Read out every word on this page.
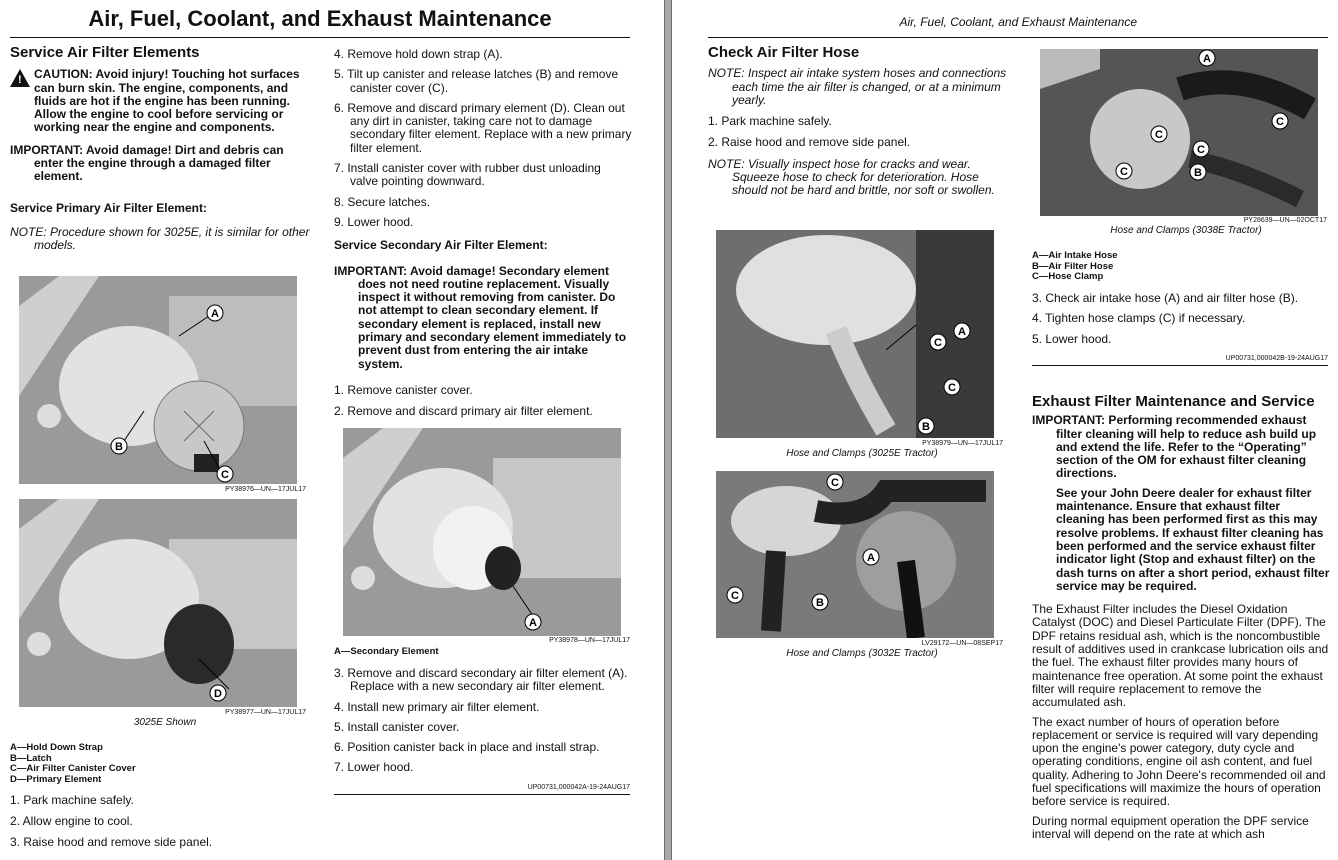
Air, Fuel, Coolant, and Exhaust Maintenance
Service Air Filter Elements
! CAUTION: Avoid injury! Touching hot surfaces can burn skin. The engine, components, and fluids are hot if the engine has been running. Allow the engine to cool before servicing or working near the engine and components.
IMPORTANT: Avoid damage! Dirt and debris can enter the engine through a damaged filter element.
Service Primary Air Filter Element:
NOTE: Procedure shown for 3025E, it is similar for other models.
A
B
C
PY38976—UN—17JUL17
D
PY38977—UN—17JUL17
3025E Shown
A—Hold Down Strap
B—Latch
C—Air Filter Canister Cover
D—Primary Element
1. Park machine safely.
2. Allow engine to cool.
3. Raise hood and remove side panel.
4. Remove hold down strap (A).
5. Tilt up canister and release latches (B) and remove canister cover (C).
6. Remove and discard primary element (D). Clean out any dirt in canister, taking care not to damage secondary filter element. Replace with a new primary filter element.
7. Install canister cover with rubber dust unloading valve pointing downward.
8. Secure latches.
9. Lower hood.
Service Secondary Air Filter Element:
IMPORTANT: Avoid damage! Secondary element does not need routine replacement. Visually inspect it without removing from canister. Do not attempt to clean secondary element. If secondary element is replaced, install new primary and secondary element immediately to prevent dust from entering the air intake system.
1. Remove canister cover.
2. Remove and discard primary air filter element.
A
PY38978—UN—17JUL17
A—Secondary Element
3. Remove and discard secondary air filter element (A). Replace with a new secondary air filter element.
4. Install new primary air filter element.
5. Install canister cover.
6. Position canister back in place and install strap.
7. Lower hood.
UP00731,000042A-19-24AUG17
Air, Fuel, Coolant, and Exhaust Maintenance
Check Air Filter Hose
NOTE: Inspect air intake system hoses and connections each time the air filter is changed, or at a minimum yearly.
1. Park machine safely.
2. Raise hood and remove side panel.
NOTE: Visually inspect hose for cracks and wear. Squeeze hose to check for deterioration. Hose should not be hard and brittle, nor soft or swollen.
A
B
C
C
PY38979—UN—17JUL17
Hose and Clamps (3025E Tractor)
C
A
C
B
LV29172—UN—08SEP17
Hose and Clamps (3032E Tractor)
A
C
C
C
C	B
PY28639—UN—02OCT17
Hose and Clamps (3038E Tractor)
A—Air Intake Hose
B—Air Filter Hose
C—Hose Clamp
3. Check air intake hose (A) and air filter hose (B).
4. Tighten hose clamps (C) if necessary.
5. Lower hood.
UP00731,000042B-19-24AUG17
Exhaust Filter Maintenance and Service
IMPORTANT: Performing recommended exhaust filter cleaning will help to reduce ash build up and extend the life. Refer to the “Operating” section of the OM for exhaust filter cleaning directions.
See your John Deere dealer for exhaust filter maintenance. Ensure that exhaust filter cleaning has been performed first as this may resolve problems. If exhaust filter cleaning has been performed and the service exhaust filter indicator light (Stop and exhaust filter) on the dash turns on after a short period, exhaust filter service may be required.
The Exhaust Filter includes the Diesel Oxidation Catalyst (DOC) and Diesel Particulate Filter (DPF). The DPF retains residual ash, which is the noncombustible result of additives used in crankcase lubrication oils and the fuel. The exhaust filter provides many hours of maintenance free operation. At some point the exhaust filter will require replacement to remove the accumulated ash.
The exact number of hours of operation before replacement or service is required will vary depending upon the engine's power category, duty cycle and operating conditions, engine oil ash content, and fuel quality. Adhering to John Deere's recommended oil and fuel specifications will maximize the hours of operation before service is required.
During normal equipment operation the DPF service interval will depend on the rate at which ash
